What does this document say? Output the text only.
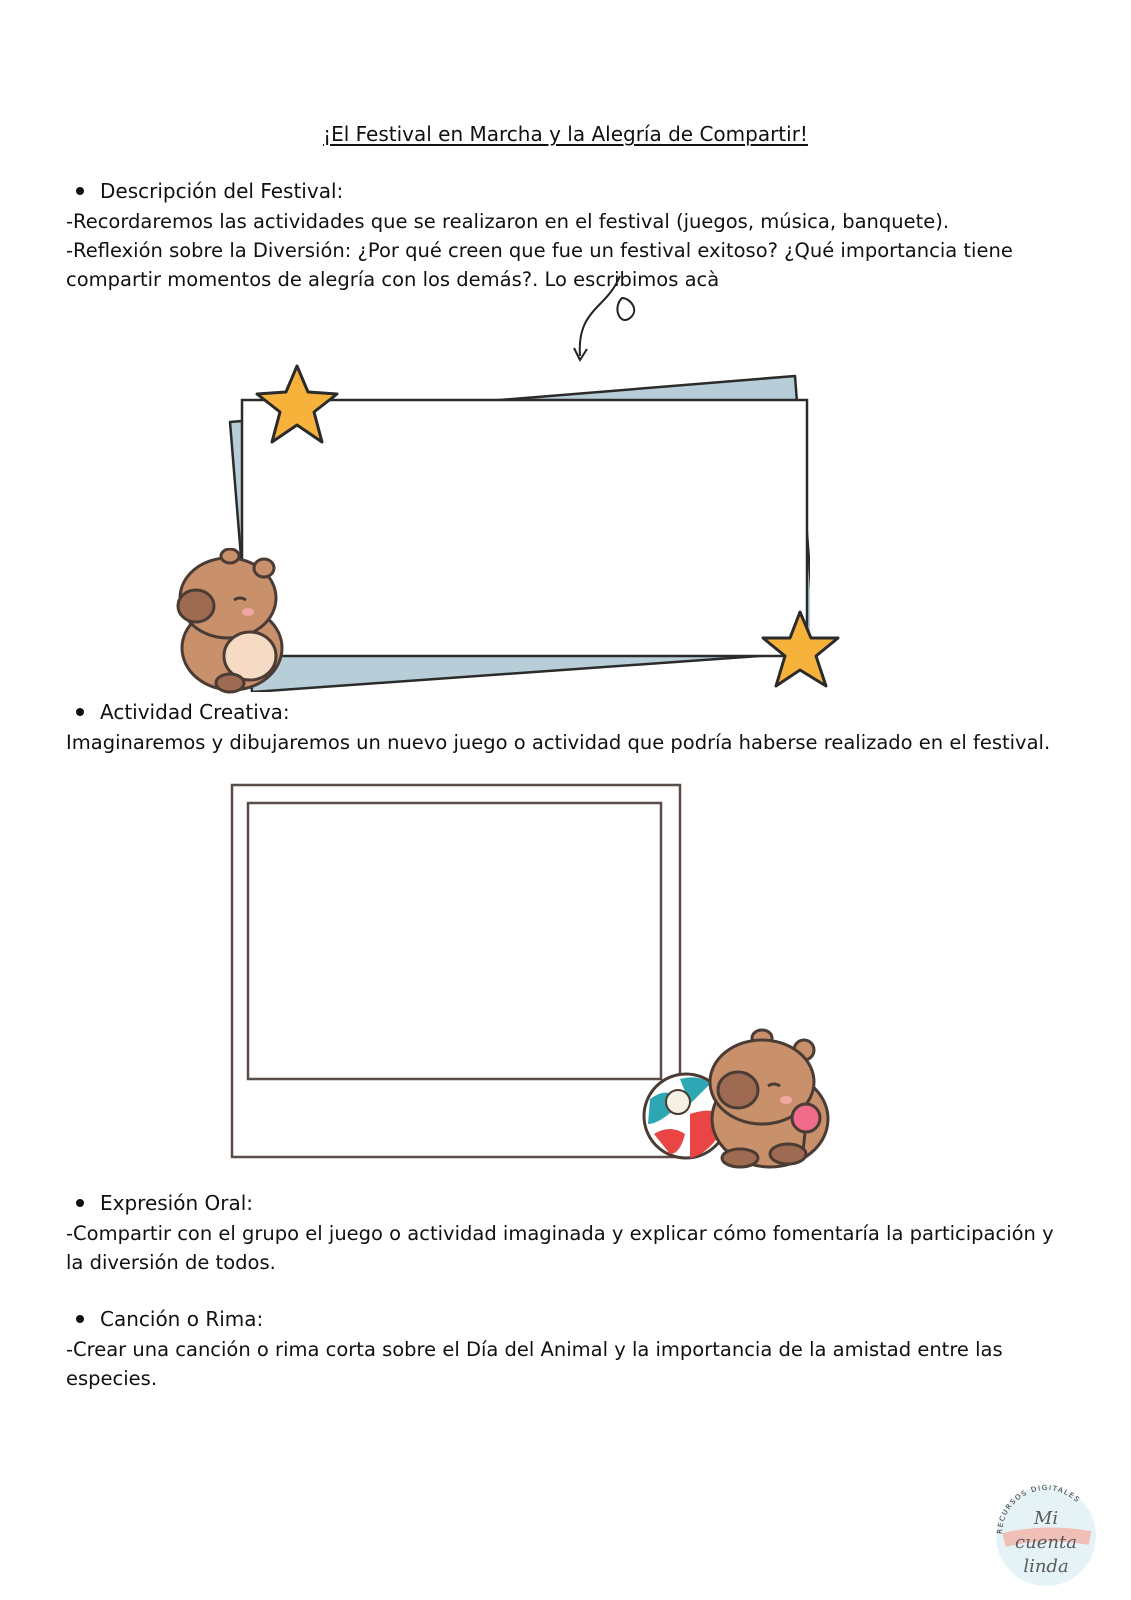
¡El Festival en Marcha y la Alegría de Compartir!
Descripción del Festival:

-Recordaremos las actividades que se realizaron en el festival (juegos, música, banquete).

-Reflexión sobre la Diversión: ¿Por qué creen que fue un festival exitoso? ¿Qué importancia tiene

compartir momentos de alegría con los demás?. Lo escribimos acà

Actividad Creativa:

Imaginaremos y dibujaremos un nuevo juego o actividad que podría haberse realizado en el festival.

Expresión Oral:

-Compartir con el grupo el juego o actividad imaginada y explicar cómo fomentaría la participación y

la diversión de todos.

Canción o Rima:

-Crear una canción o rima corta sobre el Día del Animal y la importancia de la amistad entre las

especies.

RECURSOS DIGITALES
Mi
cuenta
linda
